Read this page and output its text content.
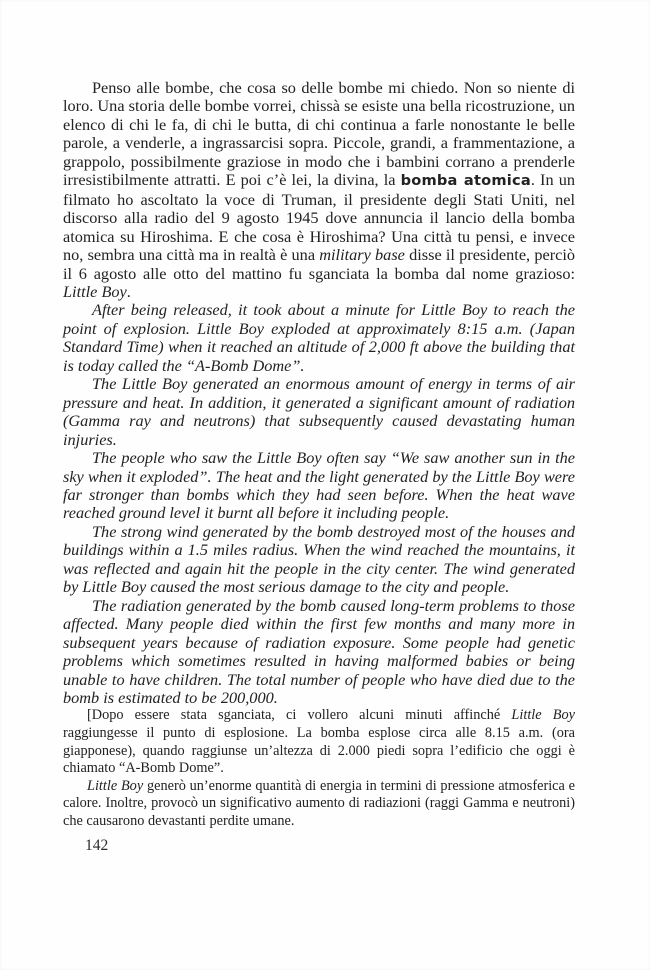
Penso alle bombe, che cosa so delle bombe mi chiedo. Non so niente di loro. Una storia delle bombe vorrei, chissà se esiste una bella ricostruzione, un elenco di chi le fa, di chi le butta, di chi continua a farle nonostante le belle parole, a venderle, a ingrassarcisi sopra. Piccole, grandi, a frammentazione, a grappolo, possibilmente graziose in modo che i bambini corrano a prenderle irresistibilmente attratti. E poi c’è lei, la divina, la bomba atomica. In un filmato ho ascoltato la voce di Truman, il presidente degli Stati Uniti, nel discorso alla radio del 9 agosto 1945 dove annuncia il lancio della bomba atomica su Hiroshima. E che cosa è Hiroshima? Una città tu pensi, e invece no, sembra una città ma in realtà è una military base disse il presidente, perciò il 6 agosto alle otto del mattino fu sganciata la bomba dal nome grazioso: Little Boy.

After being released, it took about a minute for Little Boy to reach the point of explosion. Little Boy exploded at approximately 8:15 a.m. (Japan Standard Time) when it reached an altitude of 2,000 ft above the building that is today called the “A-Bomb Dome”.

The Little Boy generated an enormous amount of energy in terms of air pressure and heat. In addition, it generated a significant amount of radiation (Gamma ray and neutrons) that subsequently caused devastating human injuries.

The people who saw the Little Boy often say “We saw another sun in the sky when it exploded”. The heat and the light generated by the Little Boy were far stronger than bombs which they had seen before. When the heat wave reached ground level it burnt all before it including people.

The strong wind generated by the bomb destroyed most of the houses and buildings within a 1.5 miles radius. When the wind reached the mountains, it was reflected and again hit the people in the city center. The wind generated by Little Boy caused the most serious damage to the city and people.

The radiation generated by the bomb caused long-term problems to those affected. Many people died within the first few months and many more in subsequent years because of radiation exposure. Some people had genetic problems which sometimes resulted in having malformed babies or being unable to have children. The total number of people who have died due to the bomb is estimated to be 200,000.

[Dopo essere stata sganciata, ci vollero alcuni minuti affinché Little Boy raggiungesse il punto di esplosione. La bomba esplose circa alle 8.15 a.m. (ora giapponese), quando raggiunse un’altezza di 2.000 piedi sopra l’edificio che oggi è chiamato “A-Bomb Dome”.

Little Boy generò un’enorme quantità di energia in termini di pressione atmosferica e calore. Inoltre, provocò un significativo aumento di radiazioni (raggi Gamma e neutroni) che causarono devastanti perdite umane.

142
